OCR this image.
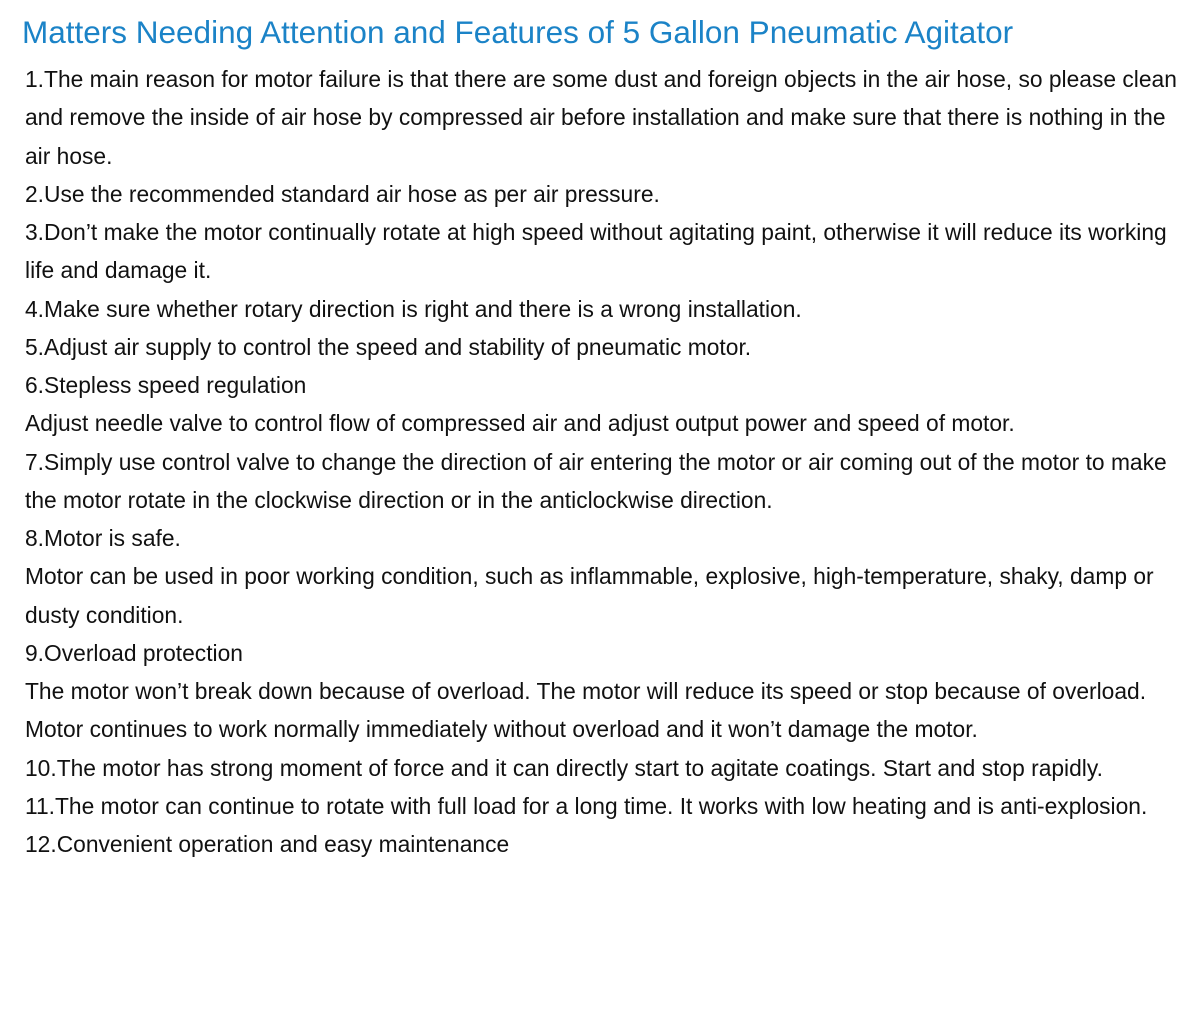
Matters Needing Attention and Features of 5 Gallon Pneumatic Agitator

1.The main reason for motor failure is that there are some dust and foreign objects in the air hose, so please clean and remove the inside of air hose by compressed air before installation and make sure that there is nothing in the air hose.

2.Use the recommended standard air hose as per air pressure.

3.Don’t make the motor continually rotate at high speed without agitating paint, otherwise it will reduce its working life and damage it.

4.Make sure whether rotary direction is right and there is a wrong installation.

5.Adjust air supply to control the speed and stability of pneumatic motor.

6.Stepless speed regulation

Adjust needle valve to control flow of compressed air and adjust output power and speed of motor.

7.Simply use control valve to change the direction of air entering the motor or air coming out of the motor to make the motor rotate in the clockwise direction or in the anticlockwise direction.

8.Motor is safe.

Motor can be used in poor working condition, such as inflammable, explosive, high-temperature, shaky, damp or dusty condition.

9.Overload protection

The motor won’t break down because of overload. The motor will reduce its speed or stop because of overload. Motor continues to work normally immediately without overload and it won’t damage the motor.

10.The motor has strong moment of force and it can directly start to agitate coatings. Start and stop rapidly.

11.The motor can continue to rotate with full load for a long time. It works with low heating and is anti-explosion.

12.Convenient operation and easy maintenance
